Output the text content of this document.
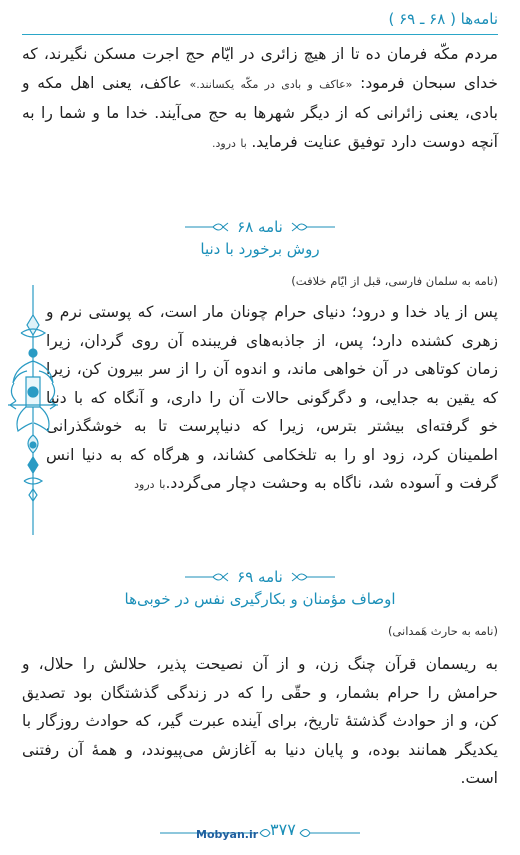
نامه‌ها ( ۶۸ ـ ۶۹ )

مردم مکّه فرمان ده تا از هیچ زائری در ایّام حج اجرت مسکن نگیرند، که خدای سبحان فرمود: «عاکف و بادی در مکّه یکسانند.» عاکف، یعنی اهل مکه و بادی، یعنی زائرانی که از دیگر شهرها به حج می‌آیند. خدا ما و شما را به آنچه دوست دارد توفیق عنایت فرماید. با درود.

نامه ۶۸
روش برخورد با دنیا
(نامه به سلمان فارسی، قبل از ایّام خلافت)

پس از یاد خدا و درود؛ دنیای حرام چونان مار است، که پوستی نرم و زهری کشنده دارد؛ پس، از جاذبه‌های فریبنده آن روی گردان، زیرا زمان کوتاهی در آن خواهی ماند، و اندوه آن را از سر بیرون کن، زیرا که یقین به جدایی، و دگرگونی حالات آن را داری، و آنگاه که با دنیا خو گرفته‌ای بیشتر بترس، زیرا که دنیاپرست تا به خوشگذرانی اطمینان کرد، زود او را به تلخکامی کشاند، و هرگاه که به دنیا انس گرفت و آسوده شد، ناگاه به وحشت دچار می‌گردد.با درود

نامه ۶۹
اوصاف مؤمنان و بکارگیری نفس در خوبی‌ها
(نامه به حارث هَمدانی)

به ریسمان قرآن چنگ زن، و از آن نصیحت پذیر، حلالش را حلال، و حرامش را حرام بشمار، و حقّی را که در زندگی گذشتگان بود تصدیق کن، و از حوادث گذشتۀ تاریخ، برای آینده عبرت گیر، که حوادث روزگار با یکدیگر همانند بوده، و پایان دنیا به آغازش می‌پیوندد، و همۀ آن رفتنی است.

Mobyan.ir ۳۷۷
